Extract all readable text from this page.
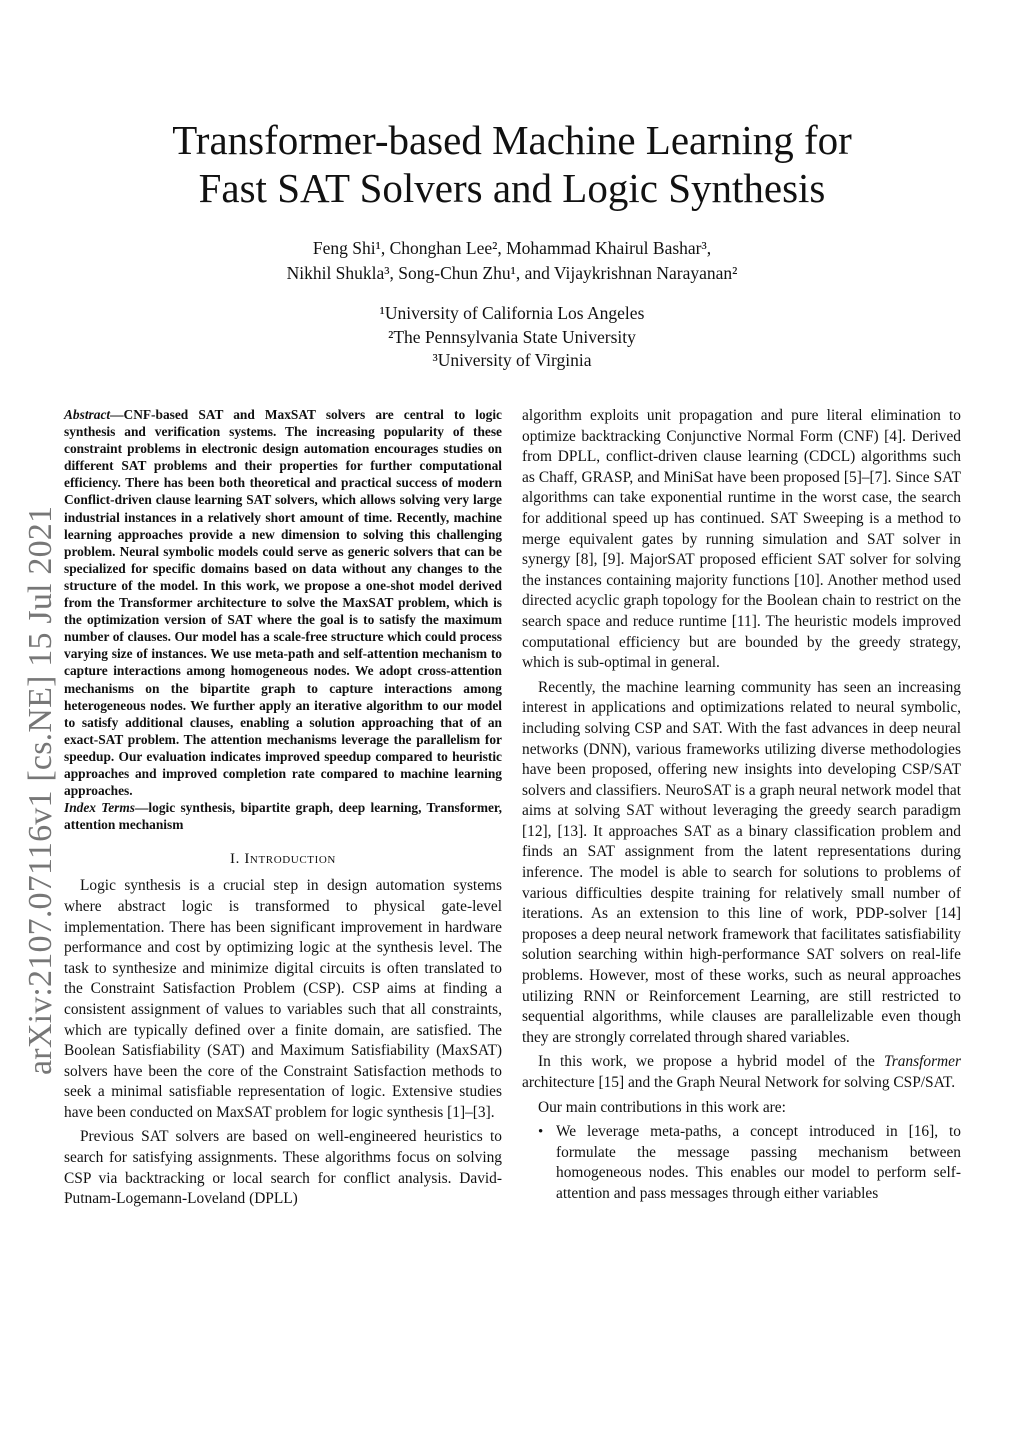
arXiv:2107.07116v1 [cs.NE] 15 Jul 2021
Transformer-based Machine Learning for
Fast SAT Solvers and Logic Synthesis
Feng Shi¹, Chonghan Lee², Mohammad Khairul Bashar³,
Nikhil Shukla³, Song-Chun Zhu¹, and Vijaykrishnan Narayanan²
¹University of California Los Angeles
²The Pennsylvania State University
³University of Virginia

Abstract—CNF-based SAT and MaxSAT solvers are central to logic synthesis and verification systems. The increasing popularity of these constraint problems in electronic design automation encourages studies on different SAT problems and their properties for further computational efficiency. There has been both theoretical and practical success of modern Conflict-driven clause learning SAT solvers, which allows solving very large industrial instances in a relatively short amount of time. Recently, machine learning approaches provide a new dimension to solving this challenging problem. Neural symbolic models could serve as generic solvers that can be specialized for specific domains based on data without any changes to the structure of the model. In this work, we propose a one-shot model derived from the Transformer architecture to solve the MaxSAT problem, which is the optimization version of SAT where the goal is to satisfy the maximum number of clauses. Our model has a scale-free structure which could process varying size of instances. We use meta-path and self-attention mechanism to capture interactions among homogeneous nodes. We adopt cross-attention mechanisms on the bipartite graph to capture interactions among heterogeneous nodes. We further apply an iterative algorithm to our model to satisfy additional clauses, enabling a solution approaching that of an exact-SAT problem. The attention mechanisms leverage the parallelism for speedup. Our evaluation indicates improved speedup compared to heuristic approaches and improved completion rate compared to machine learning approaches.

Index Terms—logic synthesis, bipartite graph, deep learning, Transformer, attention mechanism

I. Introduction

Logic synthesis is a crucial step in design automation systems where abstract logic is transformed to physical gate-level implementation. There has been significant improvement in hardware performance and cost by optimizing logic at the synthesis level. The task to synthesize and minimize digital circuits is often translated to the Constraint Satisfaction Problem (CSP). CSP aims at finding a consistent assignment of values to variables such that all constraints, which are typically defined over a finite domain, are satisfied. The Boolean Satisfiability (SAT) and Maximum Satisfiability (MaxSAT) solvers have been the core of the Constraint Satisfaction methods to seek a minimal satisfiable representation of logic. Extensive studies have been conducted on MaxSAT problem for logic synthesis [1]–[3].

Previous SAT solvers are based on well-engineered heuristics to search for satisfying assignments. These algorithms focus on solving CSP via backtracking or local search for conflict analysis. David-Putnam-Logemann-Loveland (DPLL)

algorithm exploits unit propagation and pure literal elimination to optimize backtracking Conjunctive Normal Form (CNF) [4]. Derived from DPLL, conflict-driven clause learning (CDCL) algorithms such as Chaff, GRASP, and MiniSat have been proposed [5]–[7]. Since SAT algorithms can take exponential runtime in the worst case, the search for additional speed up has continued. SAT Sweeping is a method to merge equivalent gates by running simulation and SAT solver in synergy [8], [9]. MajorSAT proposed efficient SAT solver for solving the instances containing majority functions [10]. Another method used directed acyclic graph topology for the Boolean chain to restrict on the search space and reduce runtime [11]. The heuristic models improved computational efficiency but are bounded by the greedy strategy, which is sub-optimal in general.

Recently, the machine learning community has seen an increasing interest in applications and optimizations related to neural symbolic, including solving CSP and SAT. With the fast advances in deep neural networks (DNN), various frameworks utilizing diverse methodologies have been proposed, offering new insights into developing CSP/SAT solvers and classifiers. NeuroSAT is a graph neural network model that aims at solving SAT without leveraging the greedy search paradigm [12], [13]. It approaches SAT as a binary classification problem and finds an SAT assignment from the latent representations during inference. The model is able to search for solutions to problems of various difficulties despite training for relatively small number of iterations. As an extension to this line of work, PDP-solver [14] proposes a deep neural network framework that facilitates satisfiability solution searching within high-performance SAT solvers on real-life problems. However, most of these works, such as neural approaches utilizing RNN or Reinforcement Learning, are still restricted to sequential algorithms, while clauses are parallelizable even though they are strongly correlated through shared variables.

In this work, we propose a hybrid model of the Transformer architecture [15] and the Graph Neural Network for solving CSP/SAT.

Our main contributions in this work are:

• We leverage meta-paths, a concept introduced in [16], to formulate the message passing mechanism between homogeneous nodes. This enables our model to perform self-attention and pass messages through either variables
